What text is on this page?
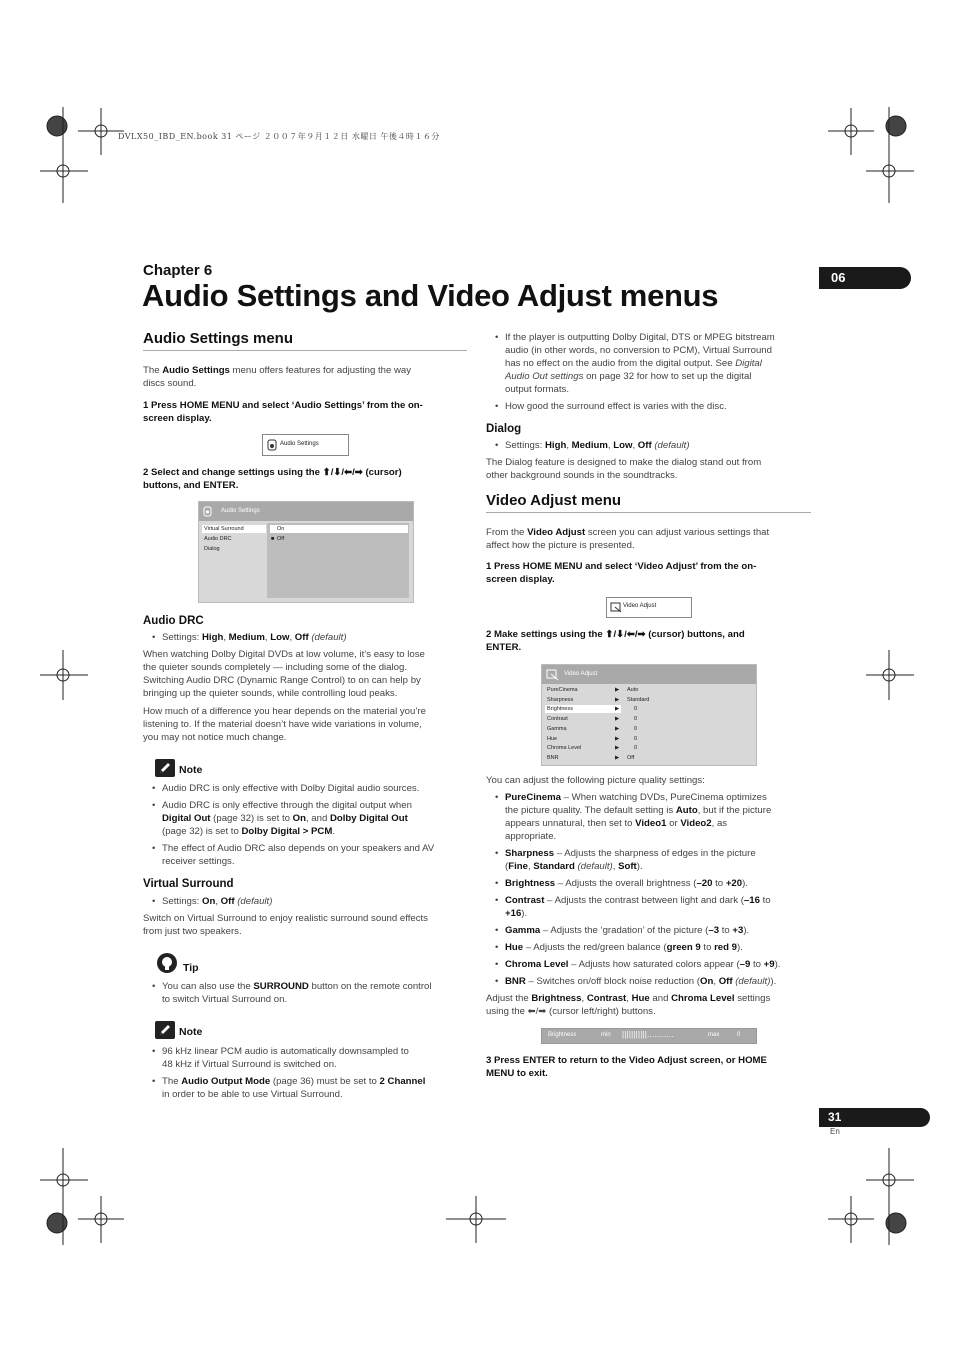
DVLX50_IBD_EN.book 31 ページ ２００７年９月１２日 水曜日 午後４時１６分
Chapter 6
Audio Settings and Video Adjust menus
06
Audio Settings menu
The Audio Settings menu offers features for adjusting the way
discs sound.
1 Press HOME MENU and select ‘Audio Settings’ from the on-
screen display.
Audio Settings
2 Select and change settings using the ⬆/⬇/⬅/➡ (cursor)
buttons, and ENTER.
Audio Settings
Virtual Surround
Audio DRC
Dialog
On
■ Off
Audio DRC
• Settings: High, Medium, Low, Off (default)
When watching Dolby Digital DVDs at low volume, it’s easy to lose
the quieter sounds completely — including some of the dialog.
Switching Audio DRC (Dynamic Range Control) to on can help by
bringing up the quieter sounds, while controlling loud peaks.
How much of a difference you hear depends on the material you’re
listening to. If the material doesn’t have wide variations in volume,
you may not notice much change.
Note
• Audio DRC is only effective with Dolby Digital audio sources.
• Audio DRC is only effective through the digital output when
Digital Out (page 32) is set to On, and Dolby Digital Out
(page 32) is set to Dolby Digital > PCM.
• The effect of Audio DRC also depends on your speakers and AV
receiver settings.
Virtual Surround
• Settings: On, Off (default)
Switch on Virtual Surround to enjoy realistic surround sound effects
from just two speakers.
Tip
• You can also use the SURROUND button on the remote control
to switch Virtual Surround on.
Note
• 96 kHz linear PCM audio is automatically downsampled to
48 kHz if Virtual Surround is switched on.
• The Audio Output Mode (page 36) must be set to 2 Channel
in order to be able to use Virtual Surround.
• If the player is outputting Dolby Digital, DTS or MPEG bitstream
audio (in other words, no conversion to PCM), Virtual Surround
has no effect on the audio from the digital output. See Digital
Audio Out settings on page 32 for how to set up the digital
output formats.
• How good the surround effect is varies with the disc.
Dialog
• Settings: High, Medium, Low, Off (default)
The Dialog feature is designed to make the dialog stand out from
other background sounds in the soundtracks.
Video Adjust menu
From the Video Adjust screen you can adjust various settings that
affect how the picture is presented.
1 Press HOME MENU and select ‘Video Adjust’ from the on-
screen display.
Video Adjust
2 Make settings using the ⬆/⬇/⬅/➡ (cursor) buttons, and
ENTER.
Video Adjust
PureCinema	▶ Auto
Sharpness	▶ Standard
Brightness	▶	0
Contrast	▶	0
Gamma	▶	0
Hue	▶	0
Chroma Level	▶	0
BNR	▶ Off
You can adjust the following picture quality settings:
• PureCinema – When watching DVDs, PureCinema optimizes
the picture quality. The default setting is Auto, but if the picture
appears unnatural, then set to Video1 or Video2, as
appropriate.
• Sharpness – Adjusts the sharpness of edges in the picture
(Fine, Standard (default), Soft).
• Brightness – Adjusts the overall brightness (–20 to +20).
• Contrast – Adjusts the contrast between light and dark (–16 to
+16).
• Gamma – Adjusts the ‘gradation’ of the picture (–3 to +3).
• Hue – Adjusts the red/green balance (green 9 to red 9).
• Chroma Level – Adjusts how saturated colors appear (–9 to +9).
• BNR – Switches on/off block noise reduction (On, Off (default)).
Adjust the Brightness, Contrast, Hue and Chroma Level settings
using the ⬅/➡ (cursor left/right) buttons.
Brightness	min |||||||||||...........	max	0
3 Press ENTER to return to the Video Adjust screen, or HOME
MENU to exit.
31
En
